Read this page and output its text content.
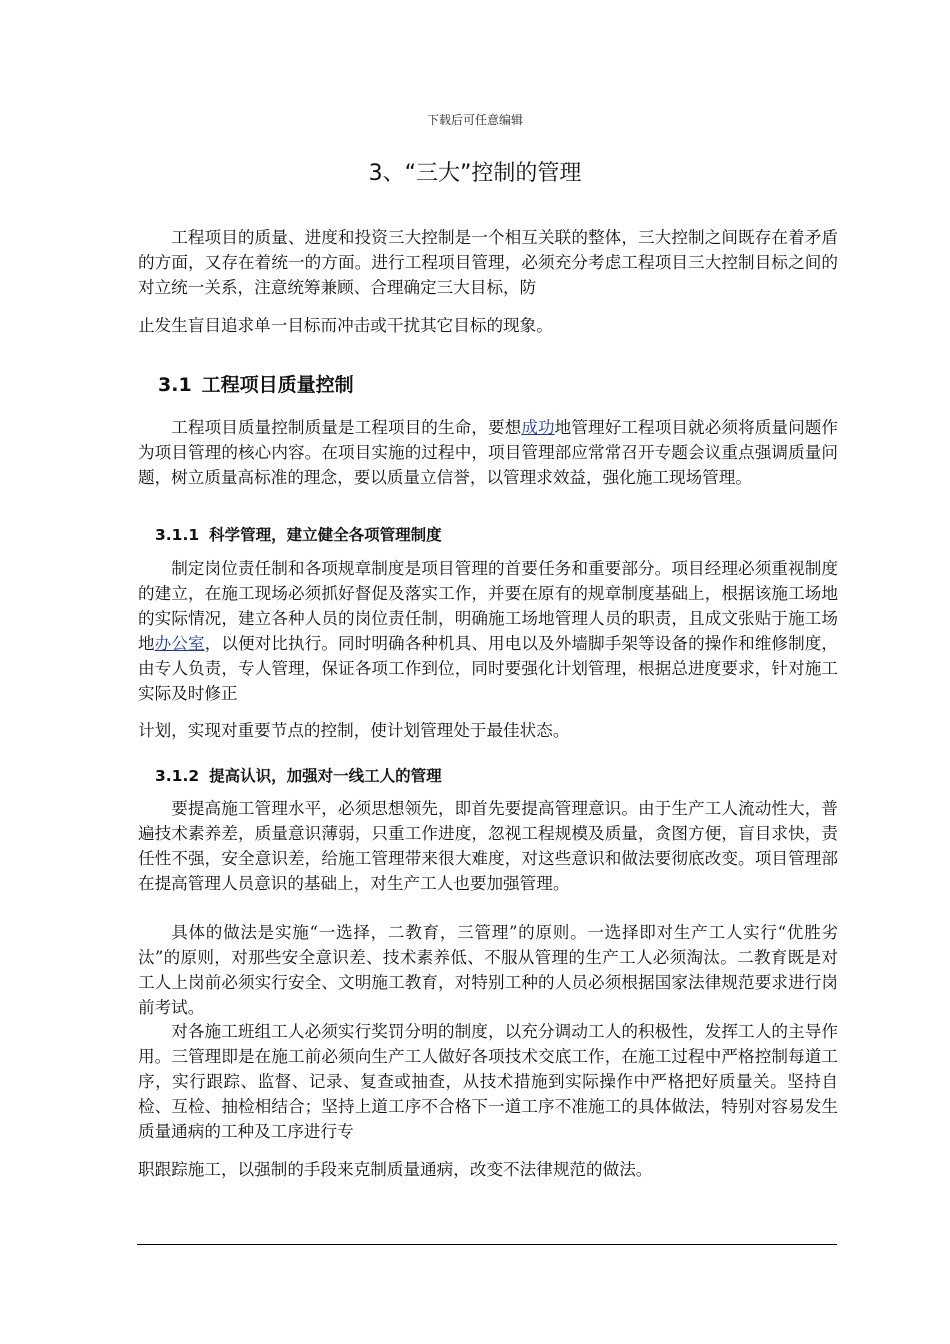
下载后可任意编辑
3、“三大”控制的管理

工程项目的质量、进度和投资三大控制是一个相互关联的整体，三大控制之间既存在着矛盾的方面，又存在着统一的方面。进行工程项目管理，必须充分考虑工程项目三大控制目标之间的对立统一关系，注意统筹兼顾、合理确定三大目标，防

止发生盲目追求单一目标而冲击或干扰其它目标的现象。

3.1 工程项目质量控制

工程项目质量控制质量是工程项目的生命，要想成功地管理好工程项目就必须将质量问题作为项目管理的核心内容。在项目实施的过程中，项目管理部应常常召开专题会议重点强调质量问题，树立质量高标准的理念，要以质量立信誉，以管理求效益，强化施工现场管理。

3.1.1 科学管理，建立健全各项管理制度

制定岗位责任制和各项规章制度是项目管理的首要任务和重要部分。项目经理必须重视制度的建立，在施工现场必须抓好督促及落实工作，并要在原有的规章制度基础上，根据该施工场地的实际情况，建立各种人员的岗位责任制，明确施工场地管理人员的职责，且成文张贴于施工场地办公室，以便对比执行。同时明确各种机具、用电以及外墙脚手架等设备的操作和维修制度，由专人负责，专人管理，保证各项工作到位，同时要强化计划管理，根据总进度要求，针对施工实际及时修正

计划，实现对重要节点的控制，使计划管理处于最佳状态。

3.1.2 提高认识，加强对一线工人的管理

要提高施工管理水平，必须思想领先，即首先要提高管理意识。由于生产工人流动性大，普遍技术素养差，质量意识薄弱，只重工作进度，忽视工程规模及质量，贪图方便，盲目求快，责任性不强，安全意识差，给施工管理带来很大难度，对这些意识和做法要彻底改变。项目管理部在提高管理人员意识的基础上，对生产工人也要加强管理。

具体的做法是实施“一选择，二教育，三管理”的原则。一选择即对生产工人实行“优胜劣汰”的原则，对那些安全意识差、技术素养低、不服从管理的生产工人必须淘汰。二教育既是对工人上岗前必须实行安全、文明施工教育，对特别工种的人员必须根据国家法律规范要求进行岗前考试。

对各施工班组工人必须实行奖罚分明的制度，以充分调动工人的积极性，发挥工人的主导作用。三管理即是在施工前必须向生产工人做好各项技术交底工作，在施工过程中严格控制每道工序，实行跟踪、监督、记录、复查或抽查，从技术措施到实际操作中严格把好质量关。坚持自检、互检、抽检相结合；坚持上道工序不合格下一道工序不准施工的具体做法，特别对容易发生质量通病的工种及工序进行专

职跟踪施工，以强制的手段来克制质量通病，改变不法律规范的做法。
